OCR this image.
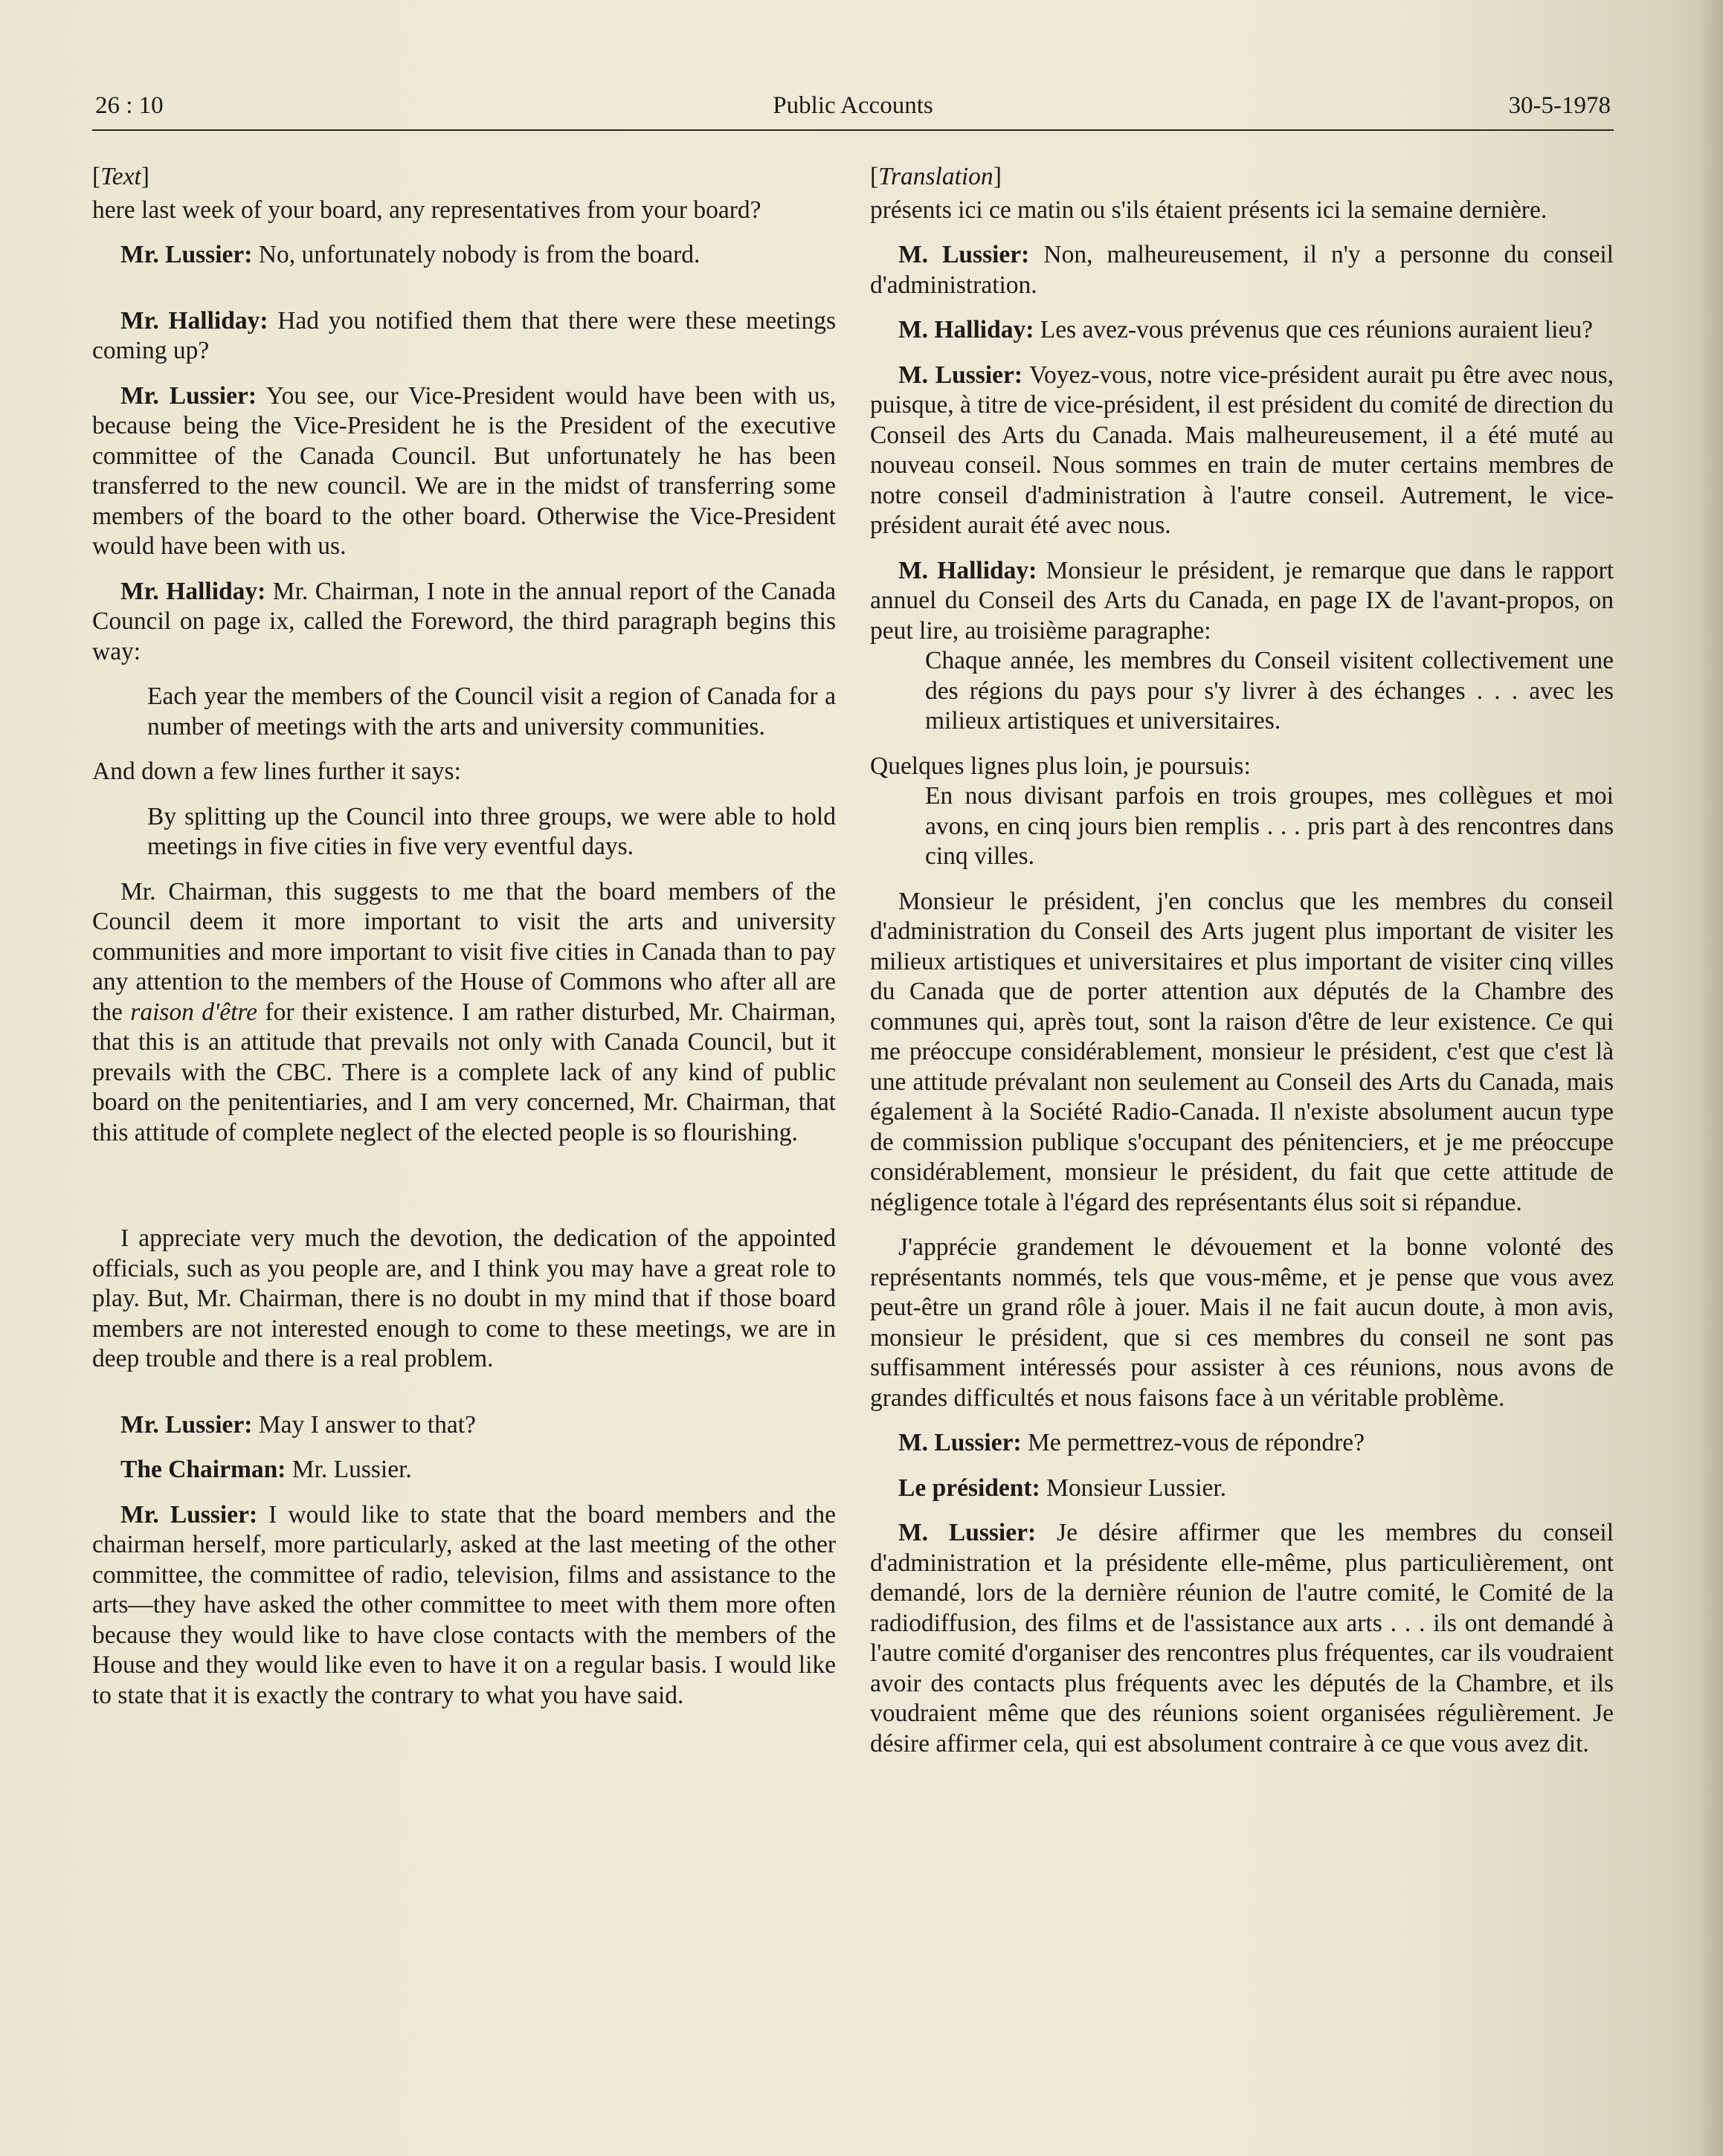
26 : 10	Public Accounts	30-5-1978

[Text]

here last week of your board, any representatives from your board?

Mr. Lussier: No, unfortunately nobody is from the board.

Mr. Halliday: Had you notified them that there were these meetings coming up?

Mr. Lussier: You see, our Vice-President would have been with us, because being the Vice-President he is the President of the executive committee of the Canada Council. But unfortunately he has been transferred to the new council. We are in the midst of transferring some members of the board to the other board. Otherwise the Vice-President would have been with us.

Mr. Halliday: Mr. Chairman, I note in the annual report of the Canada Council on page ix, called the Foreword, the third paragraph begins this way:

Each year the members of the Council visit a region of Canada for a number of meetings with the arts and university communities.

And down a few lines further it says:

By splitting up the Council into three groups, we were able to hold meetings in five cities in five very eventful days.

Mr. Chairman, this suggests to me that the board members of the Council deem it more important to visit the arts and university communities and more important to visit five cities in Canada than to pay any attention to the members of the House of Commons who after all are the raison d'être for their existence. I am rather disturbed, Mr. Chairman, that this is an attitude that prevails not only with Canada Council, but it prevails with the CBC. There is a complete lack of any kind of public board on the penitentiaries, and I am very concerned, Mr. Chairman, that this attitude of complete neglect of the elected people is so flourishing.

I appreciate very much the devotion, the dedication of the appointed officials, such as you people are, and I think you may have a great role to play. But, Mr. Chairman, there is no doubt in my mind that if those board members are not interested enough to come to these meetings, we are in deep trouble and there is a real problem.

Mr. Lussier: May I answer to that?

The Chairman: Mr. Lussier.

Mr. Lussier: I would like to state that the board members and the chairman herself, more particularly, asked at the last meeting of the other committee, the committee of radio, television, films and assistance to the arts—they have asked the other committee to meet with them more often because they would like to have close contacts with the members of the House and they would like even to have it on a regular basis. I would like to state that it is exactly the contrary to what you have said.

[Translation]

présents ici ce matin ou s'ils étaient présents ici la semaine dernière.

M. Lussier: Non, malheureusement, il n'y a personne du conseil d'administration.

M. Halliday: Les avez-vous prévenus que ces réunions auraient lieu?

M. Lussier: Voyez-vous, notre vice-président aurait pu être avec nous, puisque, à titre de vice-président, il est président du comité de direction du Conseil des Arts du Canada. Mais malheureusement, il a été muté au nouveau conseil. Nous sommes en train de muter certains membres de notre conseil d'administration à l'autre conseil. Autrement, le vice-président aurait été avec nous.

M. Halliday: Monsieur le président, je remarque que dans le rapport annuel du Conseil des Arts du Canada, en page IX de l'avant-propos, on peut lire, au troisième paragraphe:

Chaque année, les membres du Conseil visitent collectivement une des régions du pays pour s'y livrer à des échanges . . . avec les milieux artistiques et universitaires.

Quelques lignes plus loin, je poursuis:

En nous divisant parfois en trois groupes, mes collègues et moi avons, en cinq jours bien remplis . . . pris part à des rencontres dans cinq villes.

Monsieur le président, j'en conclus que les membres du conseil d'administration du Conseil des Arts jugent plus important de visiter les milieux artistiques et universitaires et plus important de visiter cinq villes du Canada que de porter attention aux députés de la Chambre des communes qui, après tout, sont la raison d'être de leur existence. Ce qui me préoccupe considérablement, monsieur le président, c'est que c'est là une attitude prévalant non seulement au Conseil des Arts du Canada, mais également à la Société Radio-Canada. Il n'existe absolument aucun type de commission publique s'occupant des pénitenciers, et je me préoccupe considérablement, monsieur le président, du fait que cette attitude de négligence totale à l'égard des représentants élus soit si répandue.

J'apprécie grandement le dévouement et la bonne volonté des représentants nommés, tels que vous-même, et je pense que vous avez peut-être un grand rôle à jouer. Mais il ne fait aucun doute, à mon avis, monsieur le président, que si ces membres du conseil ne sont pas suffisamment intéressés pour assister à ces réunions, nous avons de grandes difficultés et nous faisons face à un véritable problème.

M. Lussier: Me permettrez-vous de répondre?

Le président: Monsieur Lussier.

M. Lussier: Je désire affirmer que les membres du conseil d'administration et la présidente elle-même, plus particulièrement, ont demandé, lors de la dernière réunion de l'autre comité, le Comité de la radiodiffusion, des films et de l'assistance aux arts . . . ils ont demandé à l'autre comité d'organiser des rencontres plus fréquentes, car ils voudraient avoir des contacts plus fréquents avec les députés de la Chambre, et ils voudraient même que des réunions soient organisées régulièrement. Je désire affirmer cela, qui est absolument contraire à ce que vous avez dit.
